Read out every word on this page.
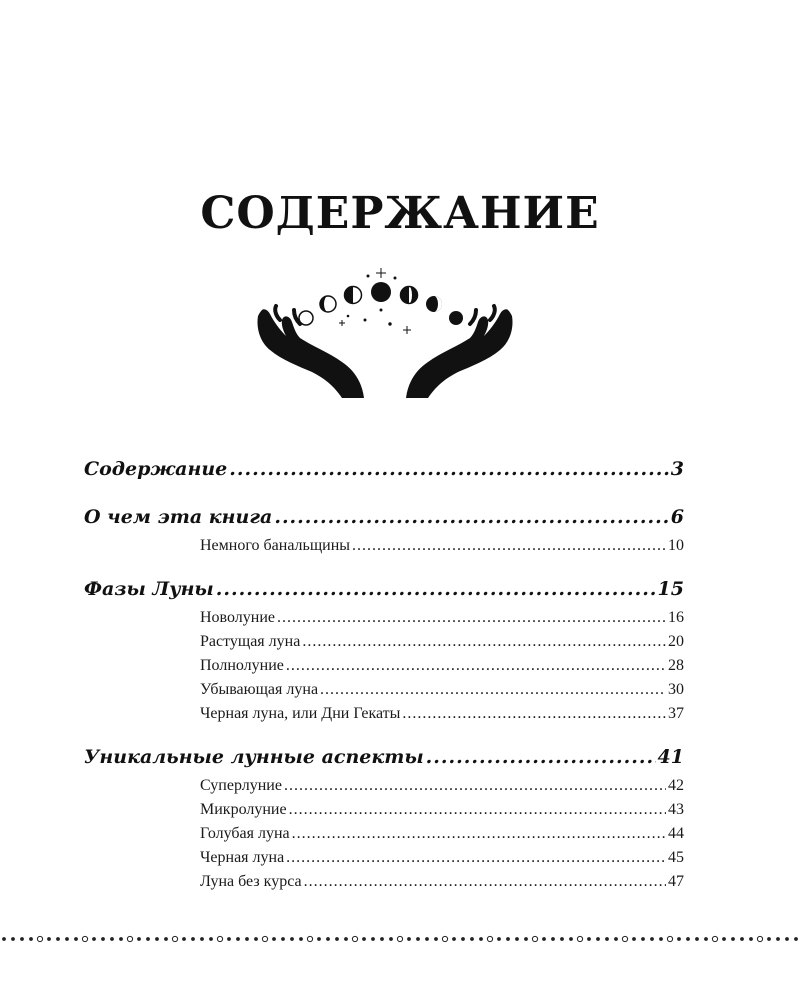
СОДЕРЖАНИЕ
Содержание .....	3
О чем эта книга .....	6
Немного банальщины .....	10
Фазы Луны .....	15
Новолуние .....	16
Растущая луна .....	20
Полнолуние .....	28
Убывающая луна .....	30
Черная луна, или Дни Гекаты .....	37
Уникальные лунные аспекты .....	41
Суперлуние .....	42
Микролуние .....	43
Голубая луна .....	44
Черная луна .....	45
Луна без курса .....	47
